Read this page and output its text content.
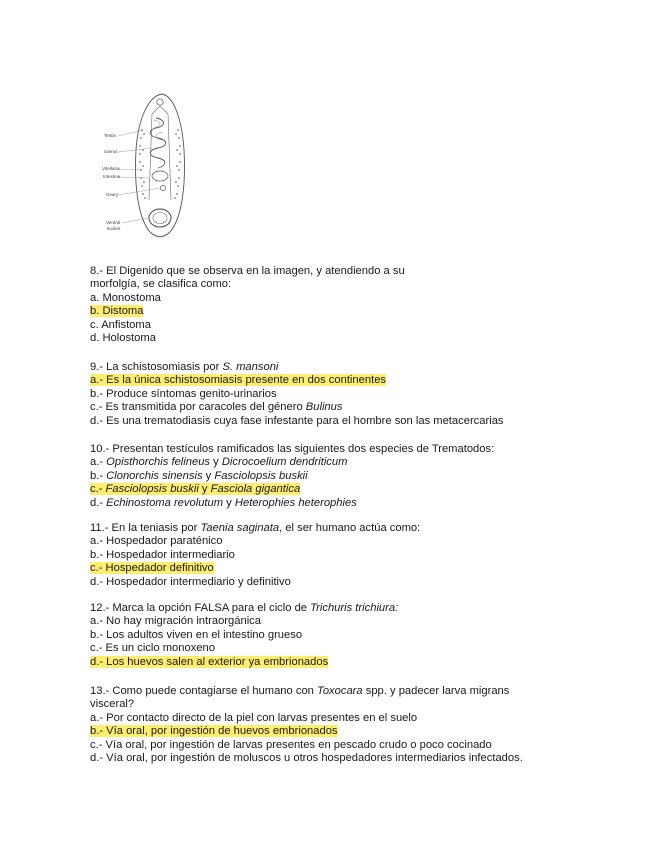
Testis
Uterus
Vitellaria
Intestine
Ovary
Ventral
sucker
8.- El Digenido que se observa en la imagen, y atendiendo a su
morfolgía, se clasifica como:
a. Monostoma
b. Distoma
c. Anfistoma
d. Holostoma
9.- La schistosomiasis por S. mansoni
a.- Es la única schistosomiasis presente en dos continentes
b.- Produce síntomas genito-urinarios
c.- Es transmitida por caracoles del género Bulinus
d.- Es una trematodiasis cuya fase infestante para el hombre son las metacercarias
10.- Presentan testículos ramificados las siguientes dos especies de Trematodos:
a.- Opisthorchis felineus y Dicrocoelium dendriticum
b.- Clonorchis sinensis y Fasciolopsis buskii
c.- Fasciolopsis buskii y Fasciola gigantica
d.- Echinostoma revolutum y Heterophies heterophies
11.- En la teniasis por Taenia saginata, el ser humano actúa como:
a.- Hospedador paraténico
b.- Hospedador intermediario
c.- Hospedador definitivo
d.- Hospedador intermediario y definitivo
12.- Marca la opción FALSA para el ciclo de Trichuris trichiura:
a.- No hay migración intraorgánica
b.- Los adultos viven en el intestino grueso
c.- Es un ciclo monoxeno
d.- Los huevos salen al exterior ya embrionados
13.- Como puede contagiarse el humano con Toxocara spp. y padecer larva migrans
visceral?
a.- Por contacto directo de la piel con larvas presentes en el suelo
b.- Vía oral, por ingestión de huevos embrionados
c.- Vía oral, por ingestión de larvas presentes en pescado crudo o poco cocinado
d.- Vía oral, por ingestión de moluscos u otros hospedadores intermediarios infectados.
